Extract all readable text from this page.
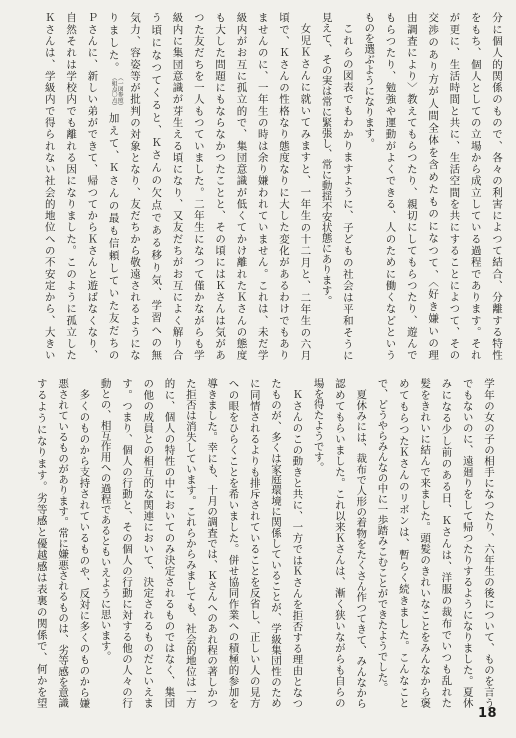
分に個人的関係のもので、各々の利害によつて結合、分離する特性
をもち、個人としての立場から成立している過程であります。それ
が更に、生活時間と共に、生活空間を共にすることによつて、その
交渉のあり方が人間全体を含めたものになつて、〈好き嫌いの理
由調査により〉教えてもらつたり、親切にしてもらつたり、遊んで
もらつたり、勉強や運動がよくできる、人のために働くなどという
ものを選ぶようになります。
これらの図表でもわかりますように、子どもの社会は平和そうに
見えて、その実は常に緊張し、常に動揺不安状態にあります。
女児Ｋさんに就いてみますと、一年生の十二月と、二年生の六月
頃で、Ｋさんの性格なり態度なりに大した変化があるわけでもあり
ませんのに、一年生の時は余り嫌われていません。これは、未だ学
級内がお互に孤立的で、集団意識が低くてかけ離れたＫさんの態度
も大した問題にもならなかつたことと、その頃にはＫさんは気があ
つた友だちを一人もつていました。二年生になつて僅かながらも学
級内に集団意識が芽生える頃になり、又友だちがお互によく解り合
う頃になつてくると、Ｋさんの欠点である移り気、学習への無
気力、容姿等が批判の対象となり、友だちから敬遠されるようにな
りました。
（一図参照）
（組点〇点）
加えて、Ｋさんの最も信頼していた友だちの
Ｐさんに、新しい弟ができて、帰つてからＫさんと遊ばなくなり、
自然それは学校内でも離れる因になりました。このように孤立した
Ｋさんは、学級内で得られない社会的地位への不安定から、大きい
学年の女の子の相手になつたり、六年生の後について、ものを言う
でもないのに、遠廻りをして帰つたりするようになりました。夏休
みになる少し前のある日、Ｋさんは、洋服の裁布でいつも乱れた
髪をきれいに結んで来ました。頭髪のきれいなことをみんなから褒
めてもらつたＫさんのリボンは、暫らく続きました。こんなこと
で、どうやらみんなの中に一歩踏みこむことができたようでした。
夏休みには、裁布で人形の着物をたくさん作つてきて、みんなから
認めてもらいました。これ以来Ｋさんは、漸く狭いながらも自らの
場を得たようです。
Ｋさんのこの動きと共に、一方ではＫさんを拒否する理由となつ
たものが、多くは家庭環境に関係していることが、学級集団性のため
に同情されるよりも排斥されていることを反省し、正しい人の見方
への眼をひらくことを希いました。併せ協同作業への積極的参加を
導きました。幸にも、十月の調査では、Ｋさんへのあれ程の著しかつ
た拒否は消失しています。これらからみましても、社会的地位は一方
的に、個人の特性の中においてのみ決定されるものではなく、集団
の他の成員との相互的な関連において、決定されるものだといえま
す。つまり、個人の行動と、その個人の行動に対する他の人々の行
動との、相互作用への過程であるともいえように思います。
多くのものから支持されているものや、反対に多くのものから嫌
悪されているものがあります。常に嫌悪されるものは、劣等感を意識
するようになります。劣等感と優越感は表裏の関係で、何かを望
18
